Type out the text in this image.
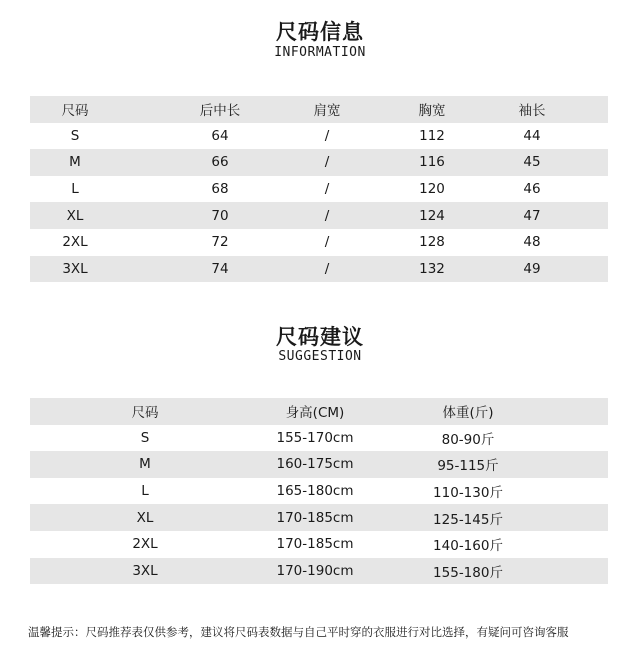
尺码信息
INFORMATION
尺码	后中长	肩宽	胸宽	袖长
S	64	/	112	44
M	66	/	116	45
L	68	/	120	46
XL	70	/	124	47
2XL	72	/	128	48
3XL	74	/	132	49
尺码建议
SUGGESTION
尺码	身高(CM)	体重(斤)
S	155-170cm	80-90斤
M	160-175cm	95-115斤
L	165-180cm	110-130斤
XL	170-185cm	125-145斤
2XL	170-185cm	140-160斤
3XL	170-190cm	155-180斤
温馨提示：尺码推荐表仅供参考，建议将尺码表数据与自己平时穿的衣服进行对比选择，有疑问可咨询客服
